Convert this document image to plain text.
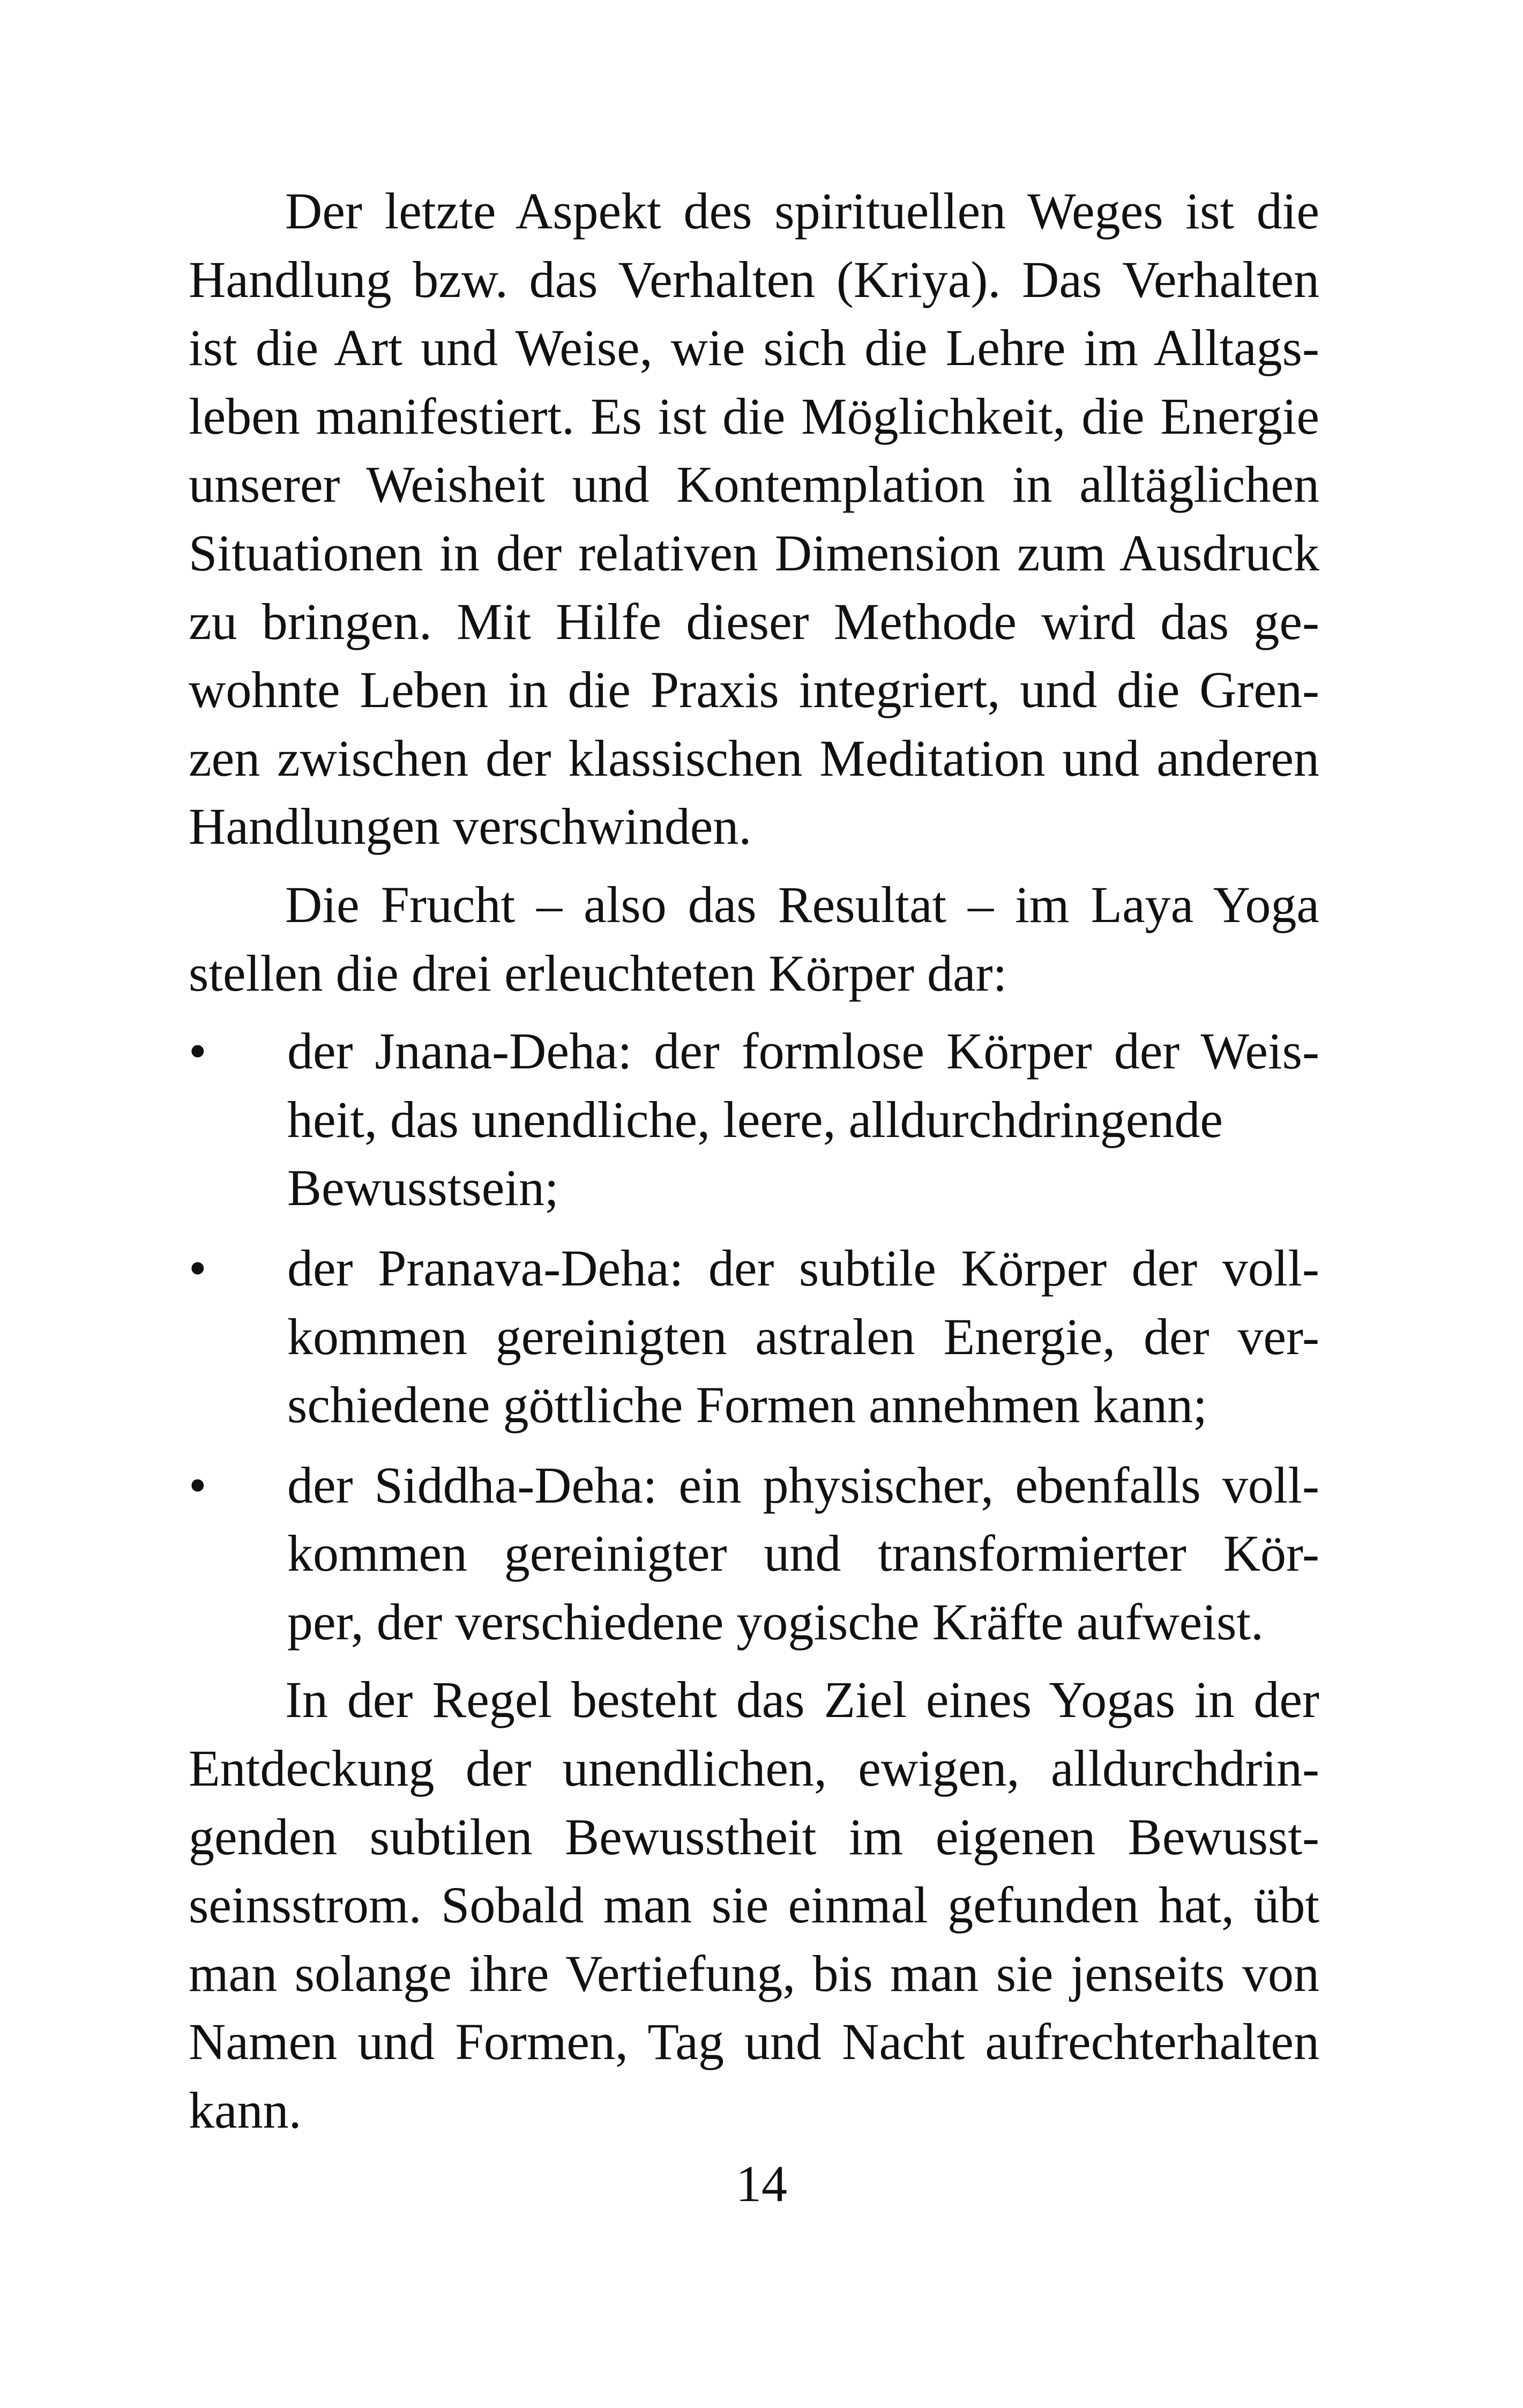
Der letzte Aspekt des spirituellen Weges ist die
Handlung bzw. das Verhalten (Kriya). Das Verhalten
ist die Art und Weise, wie sich die Lehre im Alltags-
leben manifestiert. Es ist die Möglichkeit, die Energie
unserer Weisheit und Kontemplation in alltäglichen
Situationen in der relativen Dimension zum Ausdruck
zu bringen. Mit Hilfe dieser Methode wird das ge-
wohnte Leben in die Praxis integriert, und die Gren-
zen zwischen der klassischen Meditation und anderen
Handlungen verschwinden.
Die Frucht – also das Resultat – im Laya Yoga
stellen die drei erleuchteten Körper dar:
• der Jnana-Deha: der formlose Körper der Weis-
heit, das unendliche, leere, alldurchdringende
Bewusstsein;
• der Pranava-Deha: der subtile Körper der voll-
kommen gereinigten astralen Energie, der ver-
schiedene göttliche Formen annehmen kann;
• der Siddha-Deha: ein physischer, ebenfalls voll-
kommen gereinigter und transformierter Kör-
per, der verschiedene yogische Kräfte aufweist.
In der Regel besteht das Ziel eines Yogas in der
Entdeckung der unendlichen, ewigen, alldurchdrin-
genden subtilen Bewusstheit im eigenen Bewusst-
seinsstrom. Sobald man sie einmal gefunden hat, übt
man solange ihre Vertiefung, bis man sie jenseits von
Namen und Formen, Tag und Nacht aufrechterhalten
kann.
14
